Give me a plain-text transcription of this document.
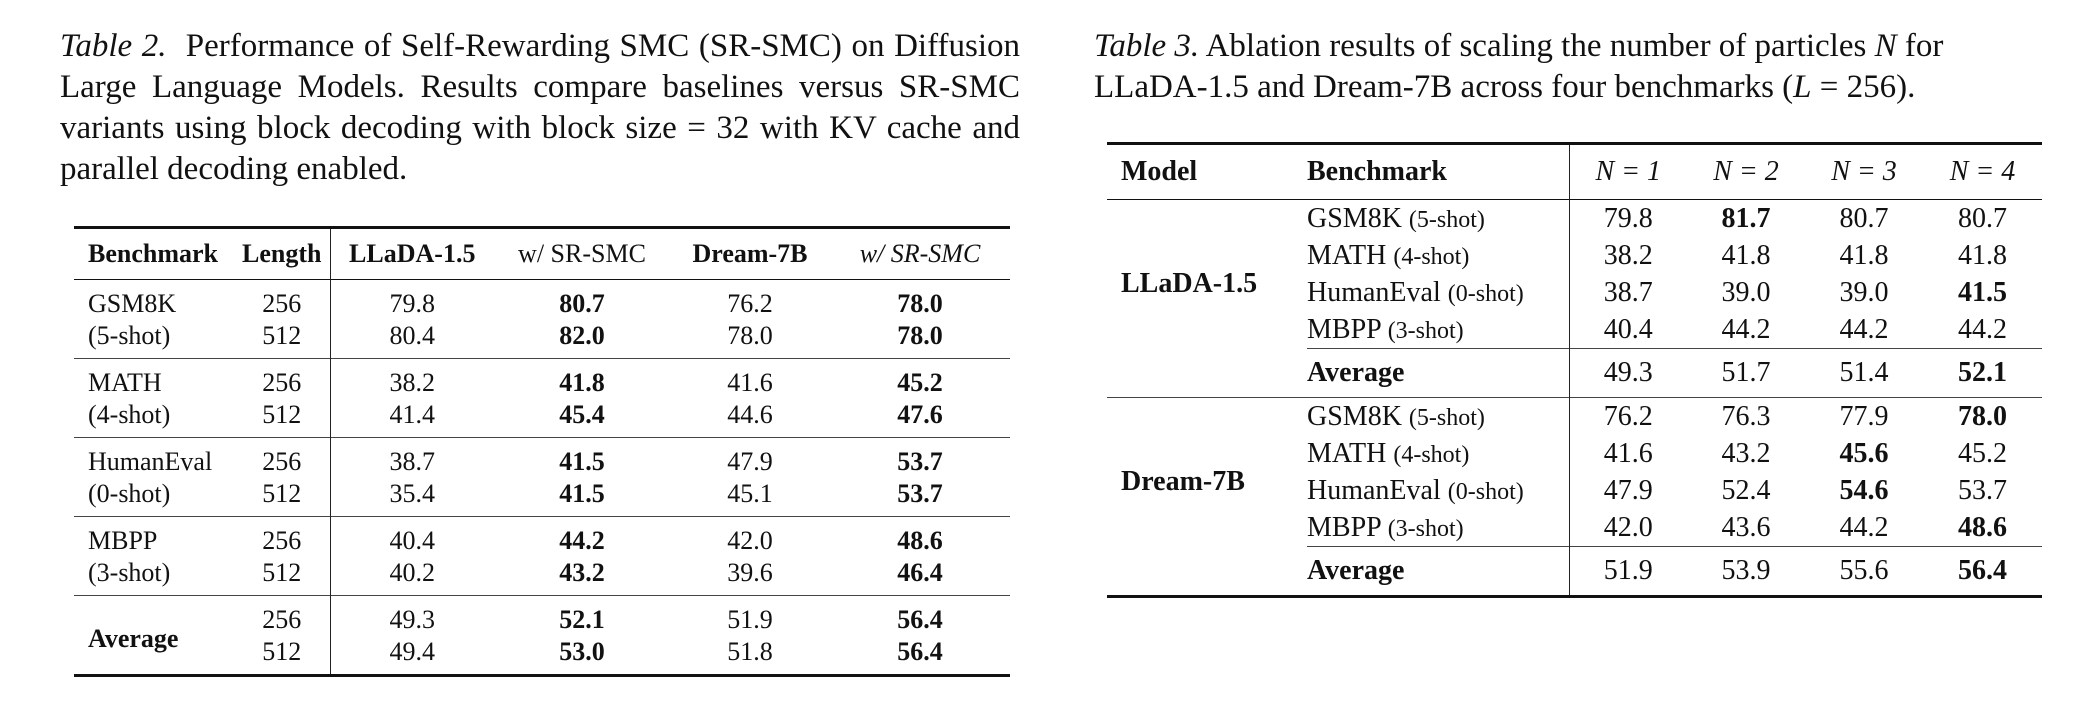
Table 2. Performance of Self-Rewarding SMC (SR-SMC) on Diffusion Large Language Models. Results compare baselines versus SR-SMC variants using block decoding with block size = 32 with KV cache and parallel decoding enabled.
Table 3. Ablation results of scaling the number of particles N for LLaDA-1.5 and Dream-7B across four benchmarks (L = 256).
Benchmark	Length	LLaDA-1.5	w/ SR-SMC	Dream-7B	w/ SR-SMC
GSM8K	256	79.8	80.7	76.2	78.0
(5-shot)	512	80.4	82.0	78.0	78.0
MATH	256	38.2	41.8	41.6	45.2
(4-shot)	512	41.4	45.4	44.6	47.6
HumanEval	256	38.7	41.5	47.9	53.7
(0-shot)	512	35.4	41.5	45.1	53.7
MBPP	256	40.4	44.2	42.0	48.6
(3-shot)	512	40.2	43.2	39.6	46.4
Average	256	49.3	52.1	51.9	56.4
	512	49.4	53.0	51.8	56.4
Model	Benchmark	N = 1	N = 2	N = 3	N = 4
LLaDA-1.5	GSM8K (5-shot)	79.8	81.7	80.7	80.7
	MATH (4-shot)	38.2	41.8	41.8	41.8
	HumanEval (0-shot)	38.7	39.0	39.0	41.5
	MBPP (3-shot)	40.4	44.2	44.2	44.2
	Average	49.3	51.7	51.4	52.1
Dream-7B	GSM8K (5-shot)	76.2	76.3	77.9	78.0
	MATH (4-shot)	41.6	43.2	45.6	45.2
	HumanEval (0-shot)	47.9	52.4	54.6	53.7
	MBPP (3-shot)	42.0	43.6	44.2	48.6
	Average	51.9	53.9	55.6	56.4
